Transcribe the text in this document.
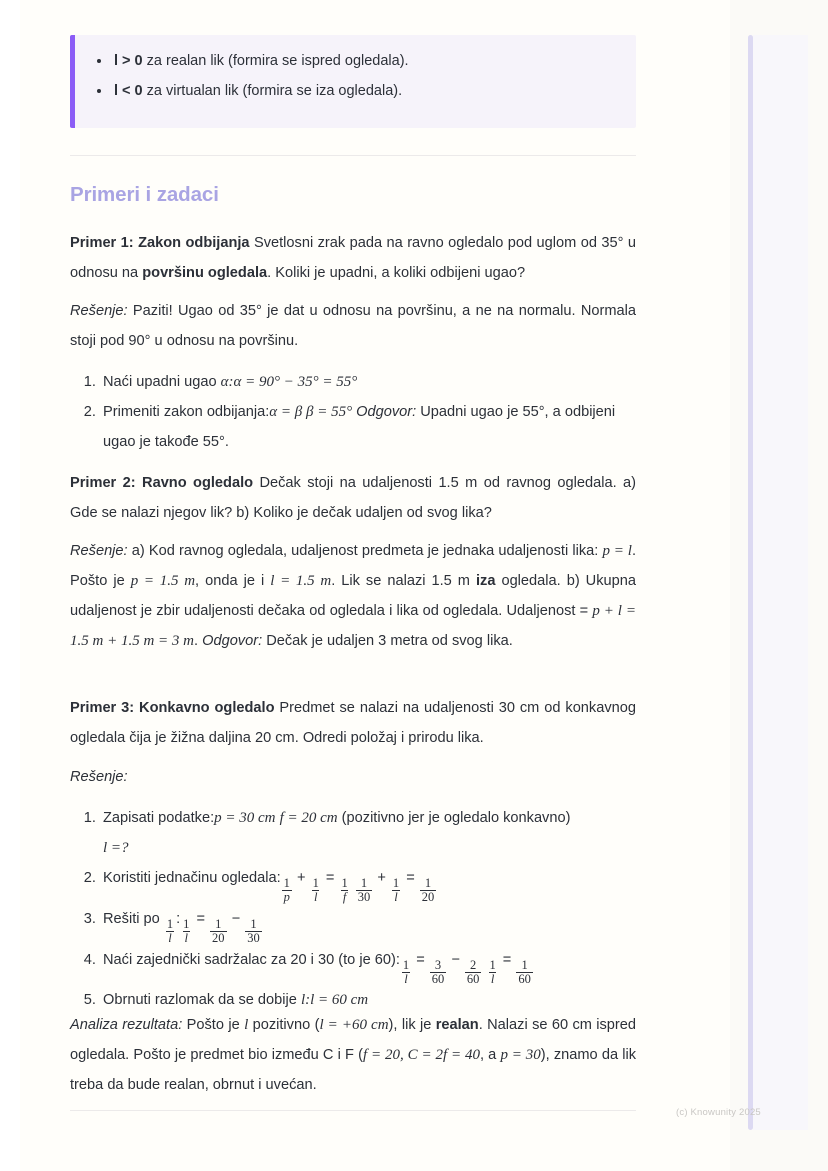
• l > 0 za realan lik (formira se ispred ogledala).
• l < 0 za virtualan lik (formira se iza ogledala).
Primeri i zadaci
Primer 1: Zakon odbijanja Svetlosni zrak pada na ravno ogledalo pod uglom od 35° u odnosu na površinu ogledala. Koliki je upadni, a koliki odbijeni ugao?
Rešenje: Paziti! Ugao od 35° je dat u odnosu na površinu, a ne na normalu. Normala stoji pod 90° u odnosu na površinu.
1. Naći upadni ugao α:α = 90° − 35° = 55°
2. Primeniti zakon odbijanja:α = β β = 55° Odgovor: Upadni ugao je 55°, a odbijeni ugao je takođe 55°.
Primer 2: Ravno ogledalo Dečak stoji na udaljenosti 1.5 m od ravnog ogledala. a) Gde se nalazi njegov lik? b) Koliko je dečak udaljen od svog lika?
Rešenje: a) Kod ravnog ogledala, udaljenost predmeta je jednaka udaljenosti lika: p = l. Pošto je p = 1.5 m, onda je i l = 1.5 m. Lik se nalazi 1.5 m iza ogledala. b) Ukupna udaljenost je zbir udaljenosti dečaka od ogledala i lika od ogledala. Udaljenost = p + l = 1.5 m + 1.5 m = 3 m. Odgovor: Dečak je udaljen 3 metra od svog lika.
Primer 3: Konkavno ogledalo Predmet se nalazi na udaljenosti 30 cm od konkavnog ogledala čija je žižna daljina 20 cm. Odredi položaj i prirodu lika.
Rešenje:
1. Zapisati podatke:p = 30 cm f = 20 cm (pozitivno jer je ogledalo konkavno)
l =?
2. Koristiti jednačinu ogledala: $\frac{1}{p} + \frac{1}{l} = \frac{1}{f}$
$\frac{1}{30} + \frac{1}{l} = \frac{1}{20}$
3. Rešiti po $\frac{1}{l}$ : $\frac{1}{l} = \frac{1}{20} - \frac{1}{30}$
4. Naći zajednički sadržalac za 20 i 30 (to je 60): $\frac{1}{l} = \frac{3}{60} - \frac{2}{60}$
$\frac{1}{l} = \frac{1}{60}$
5. Obrnuti razlomak da se dobije l:l = 60 cm
Analiza rezultata: Pošto je l pozitivno (l = +60 cm), lik je realan. Nalazi se 60 cm ispred ogledala. Pošto je predmet bio između C i F (f = 20, C = 2f = 40, a p = 30), znamo da lik treba da bude realan, obrnut i uvećan.
(c) Knowunity 2025
